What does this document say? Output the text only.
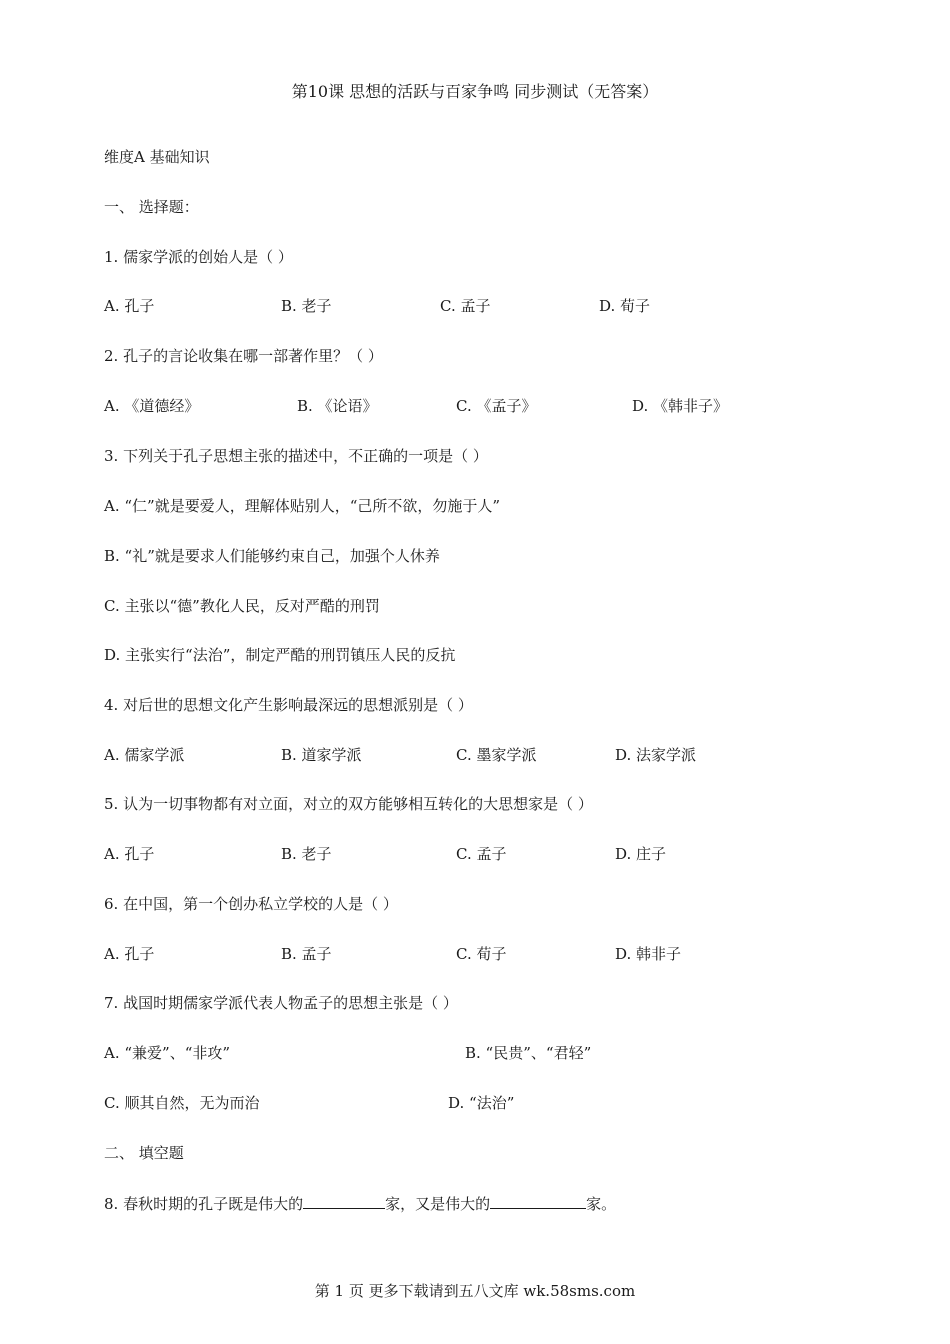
第10课 思想的活跃与百家争鸣 同步测试（无答案）
维度A 基础知识
一、 选择题：
1. 儒家学派的创始人是（ ）
A. 孔子	B. 老子	C. 孟子	D. 荀子
2. 孔子的言论收集在哪一部著作里？（ ）
A. 《道德经》	B. 《论语》	C. 《孟子》	D. 《韩非子》
3. 下列关于孔子思想主张的描述中，不正确的一项是（ ）
A. “仁”就是要爱人，理解体贴别人，“己所不欲，勿施于人”
B. “礼”就是要求人们能够约束自己，加强个人休养
C. 主张以“德”教化人民，反对严酷的刑罚
D. 主张实行“法治”，制定严酷的刑罚镇压人民的反抗
4. 对后世的思想文化产生影响最深远的思想派别是（ ）
A. 儒家学派	B. 道家学派	C. 墨家学派	D. 法家学派
5. 认为一切事物都有对立面，对立的双方能够相互转化的大思想家是（ ）
A. 孔子	B. 老子	C. 孟子	D. 庄子
6. 在中国，第一个创办私立学校的人是（ ）
A. 孔子	B. 孟子	C. 荀子	D. 韩非子
7. 战国时期儒家学派代表人物孟子的思想主张是（ ）
A. “兼爱”、“非攻”	B. “民贵”、“君轻”
C. 顺其自然，无为而治	D. “法治”
二、 填空题
8. 春秋时期的孔子既是伟大的	家，又是伟大的	家。
第 1 页 更多下载请到五八文库 wk.58sms.com
